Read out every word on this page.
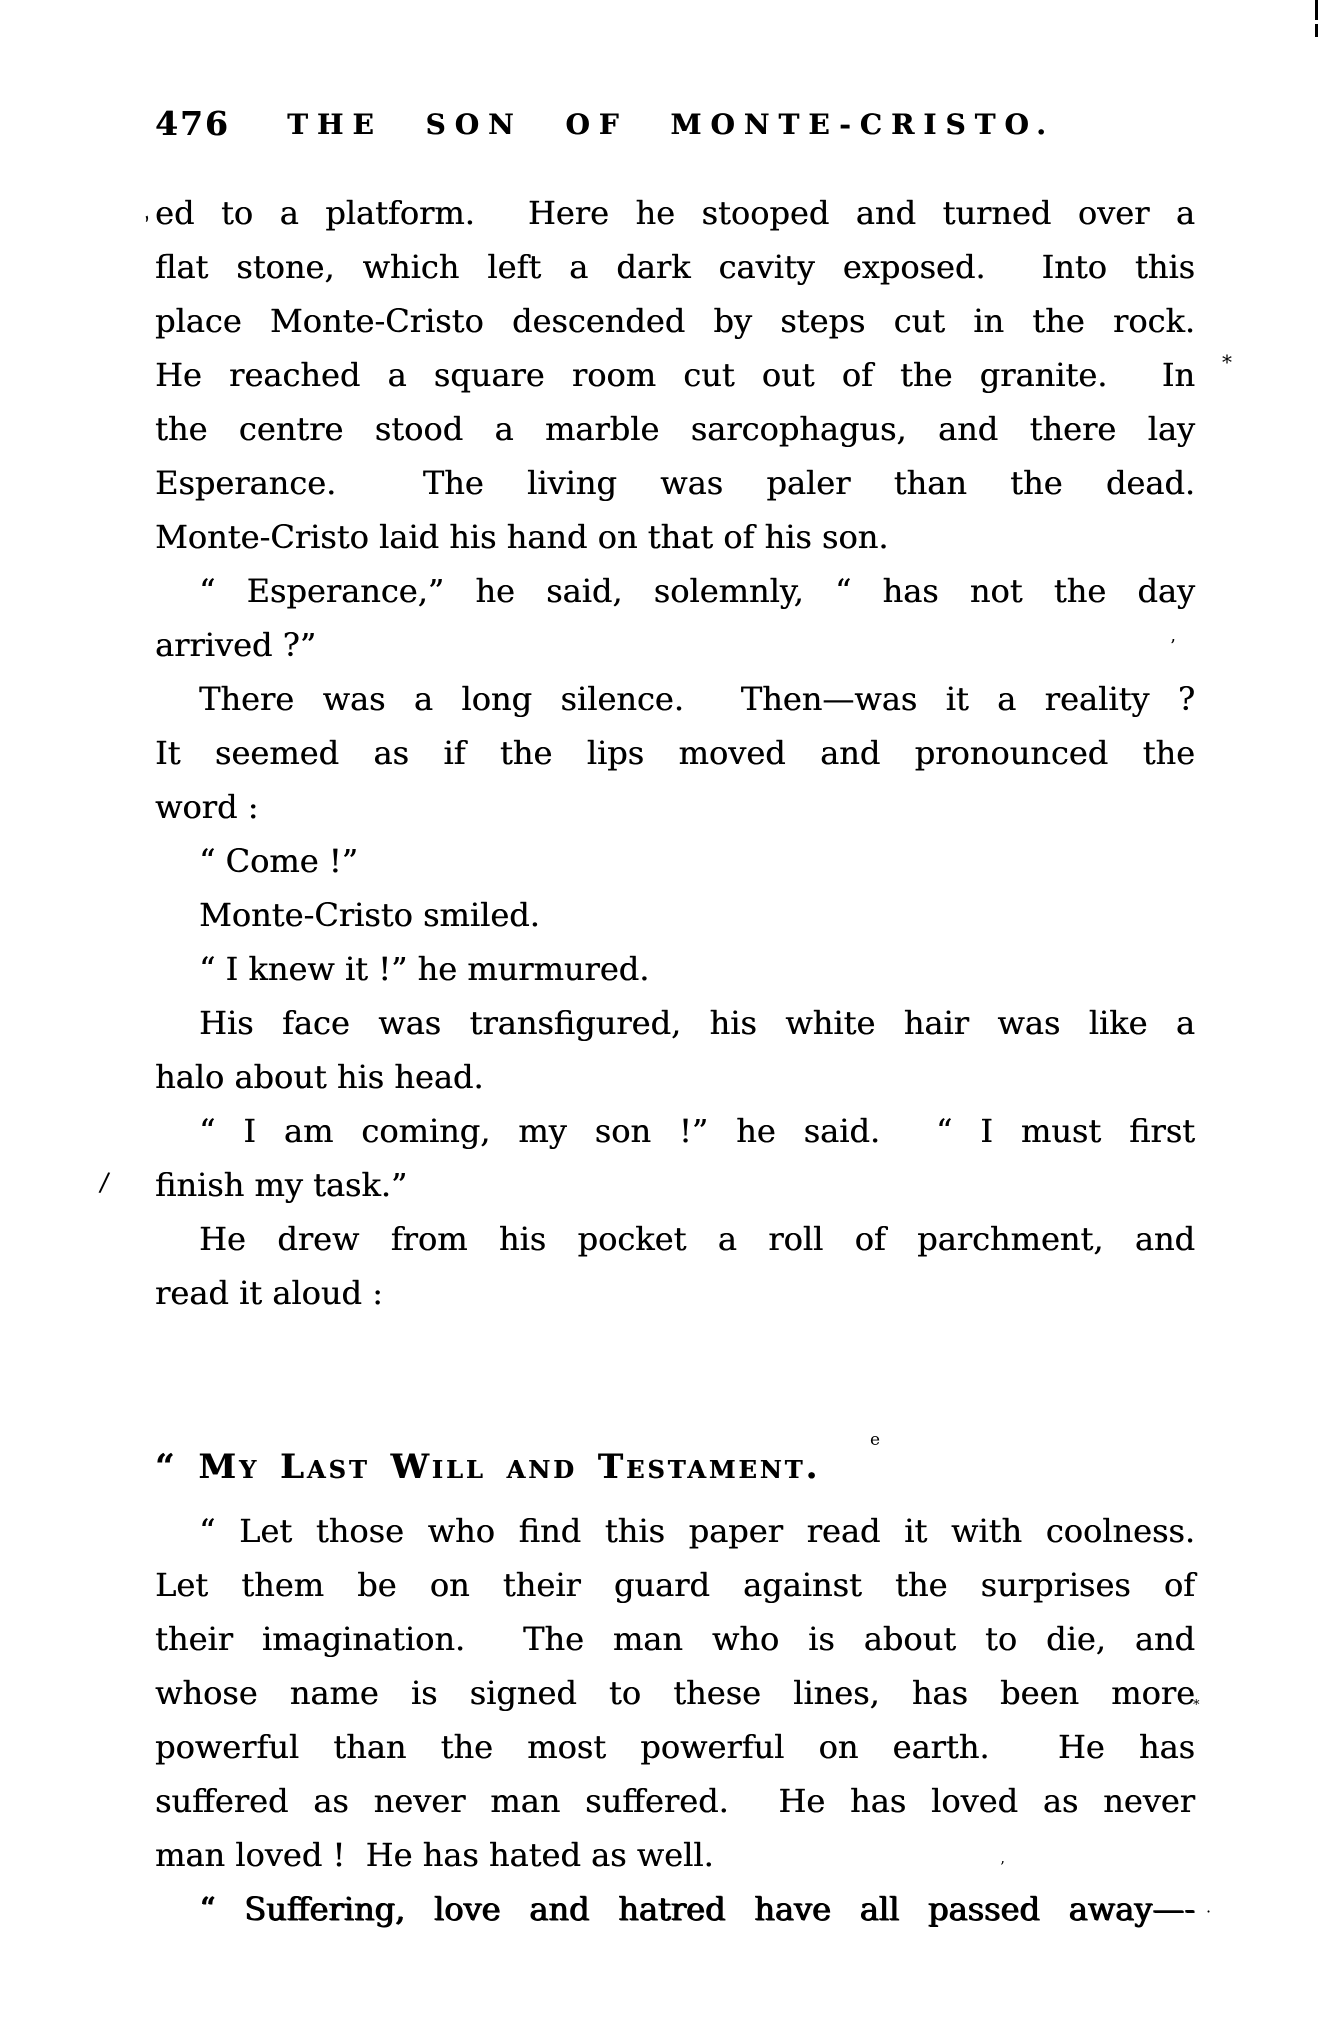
476	THE SON OF MONTE-CRISTO.
ed to a platform.  Here he stooped and turned over a
flat stone, which left a dark cavity exposed.  Into this
place Monte-Cristo descended by steps cut in the rock.
He reached a square room cut out of the granite.  In
the centre stood a marble sarcophagus, and there lay
Esperance.  The living was paler than the dead.
Monte-Cristo laid his hand on that of his son.
“ Esperance,” he said, solemnly, “ has not the day
arrived ?”
There was a long silence.  Then—was it a reality ?
It seemed as if the lips moved and pronounced the
word :
“ Come !”
Monte-Cristo smiled.
“ I knew it !” he murmured.
His face was transfigured, his white hair was like a
halo about his head.
“ I am coming, my son !” he said.  “ I must first
finish my task.”
He drew from his pocket a roll of parchment, and
read it aloud :
“ My Last Will and Testament.
“ Let those who find this paper read it with coolness.
Let them be on their guard against the surprises of
their imagination.  The man who is about to die, and
whose name is signed to these lines, has been more
powerful than the most powerful on earth.  He has
suffered as never man suffered.  He has loved as never
man loved !  He has hated as well.
“ Suffering, love and hatred have all passed away—-
,
*
’
/
e
*
’
·
